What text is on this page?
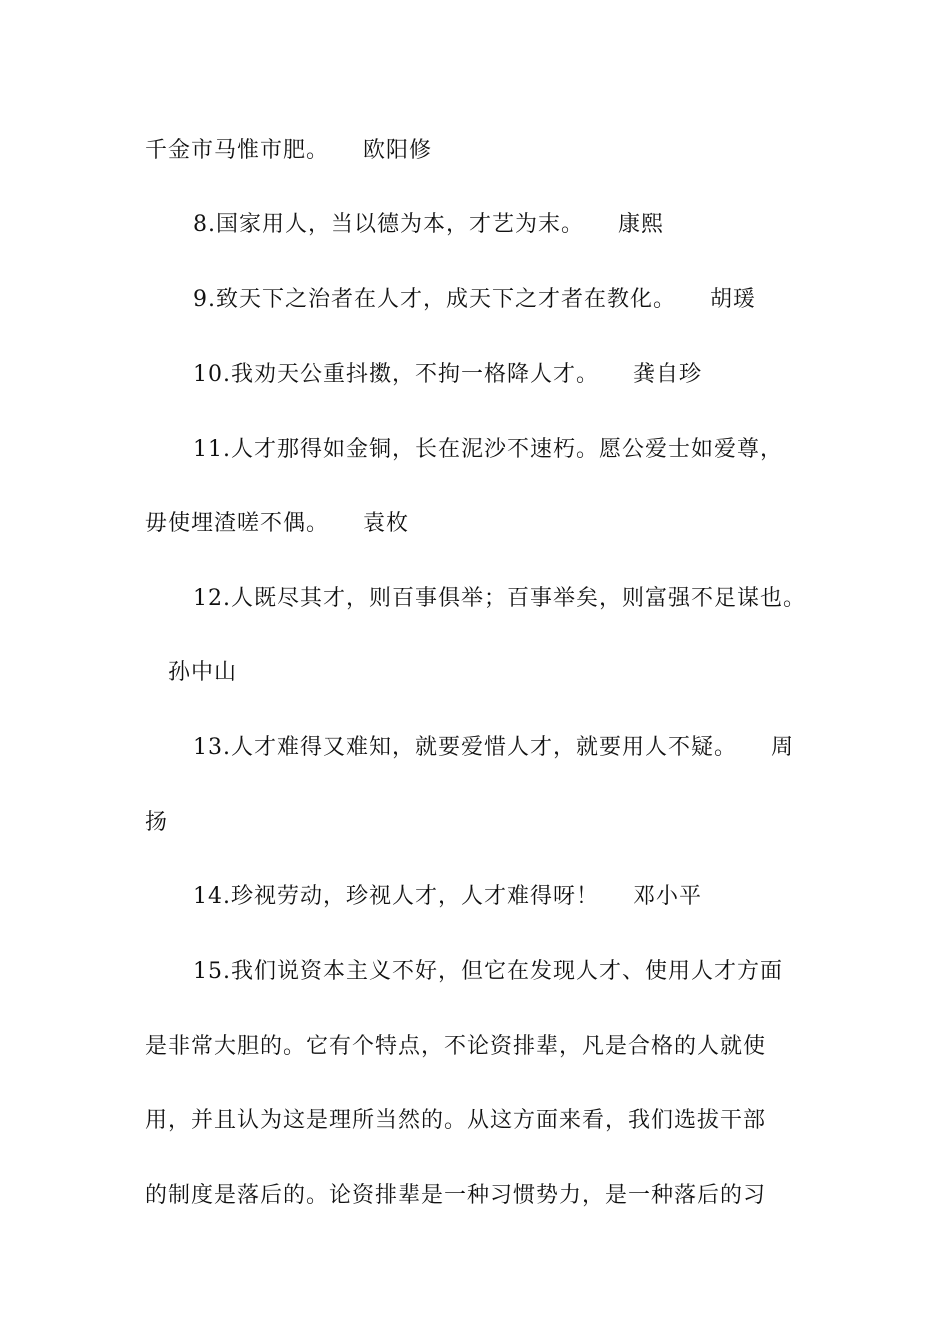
千金市马惟市肥。 欧阳修
8.国家用人，当以德为本，才艺为末。 康熙
9.致天下之治者在人才，成天下之才者在教化。 胡瑗
10.我劝天公重抖擞，不拘一格降人才。 龚自珍
11.人才那得如金铜，长在泥沙不速朽。愿公爱士如爱尊，
毋使埋渣嗟不偶。 袁枚
12.人既尽其才，则百事俱举；百事举矣，则富强不足谋也。
孙中山
13.人才难得又难知，就要爱惜人才，就要用人不疑。 周
扬
14.珍视劳动，珍视人才，人才难得呀！ 邓小平
15.我们说资本主义不好，但它在发现人才、使用人才方面
是非常大胆的。它有个特点，不论资排辈，凡是合格的人就使
用，并且认为这是理所当然的。从这方面来看，我们选拔干部
的制度是落后的。论资排辈是一种习惯势力，是一种落后的习
